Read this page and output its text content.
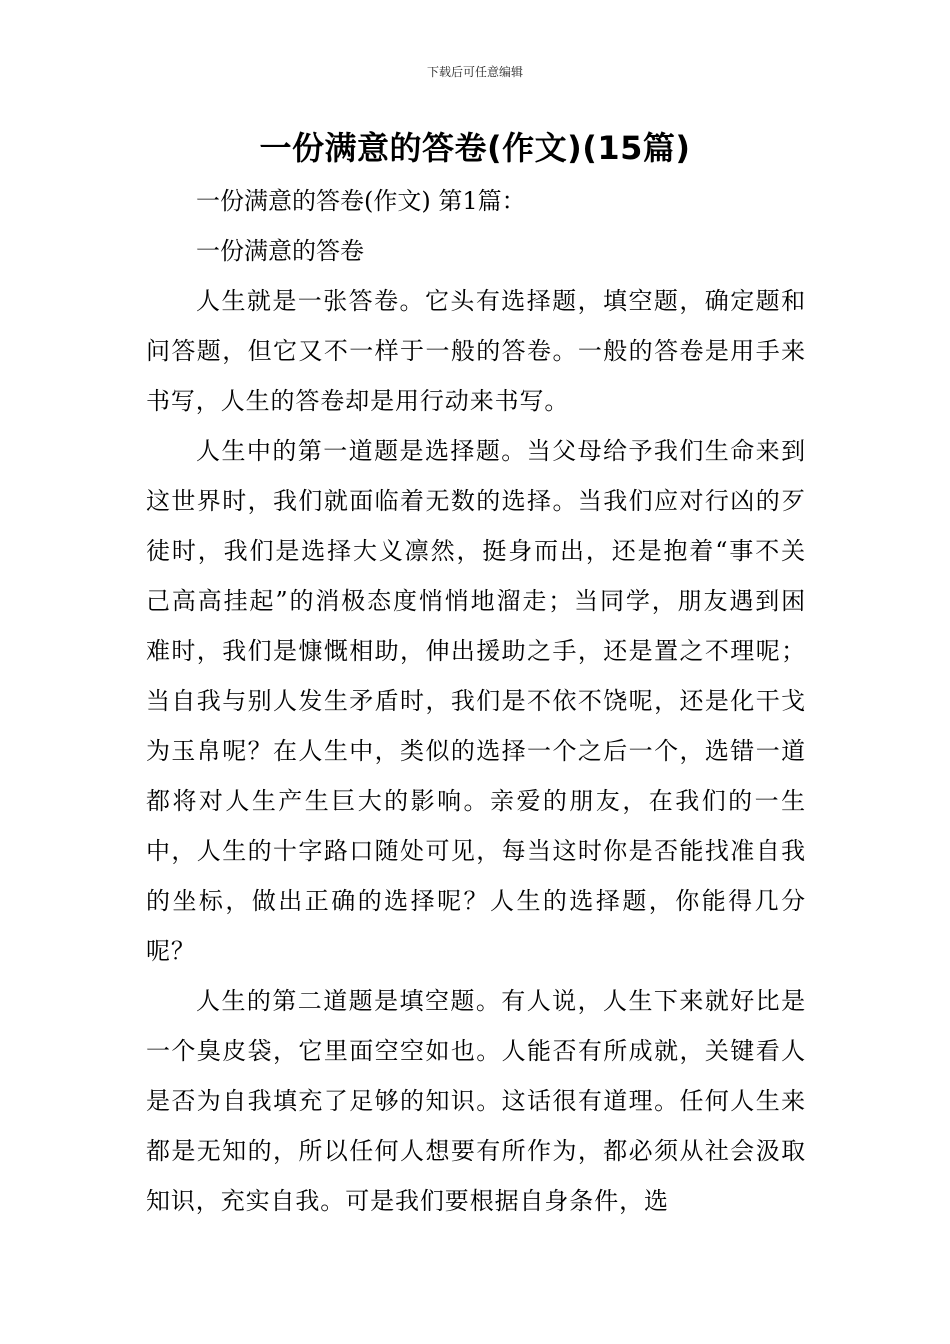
下载后可任意编辑
一份满意的答卷(作文)(15篇)

一份满意的答卷(作文) 第1篇：

一份满意的答卷

人生就是一张答卷。它头有选择题，填空题，确定题和问答题，但它又不一样于一般的答卷。一般的答卷是用手来书写，人生的答卷却是用行动来书写。

人生中的第一道题是选择题。当父母给予我们生命来到这世界时，我们就面临着无数的选择。当我们应对行凶的歹徒时，我们是选择大义凛然，挺身而出，还是抱着“事不关己高高挂起”的消极态度悄悄地溜走；当同学，朋友遇到困难时，我们是慷慨相助，伸出援助之手，还是置之不理呢；当自我与别人发生矛盾时，我们是不依不饶呢，还是化干戈为玉帛呢？在人生中，类似的选择一个之后一个，选错一道都将对人生产生巨大的影响。亲爱的朋友，在我们的一生中，人生的十字路口随处可见，每当这时你是否能找准自我的坐标，做出正确的选择呢？人生的选择题，你能得几分呢？

人生的第二道题是填空题。有人说，人生下来就好比是一个臭皮袋，它里面空空如也。人能否有所成就，关键看人是否为自我填充了足够的知识。这话很有道理。任何人生来都是无知的，所以任何人想要有所作为，都必须从社会汲取知识，充实自我。可是我们要根据自身条件，选
